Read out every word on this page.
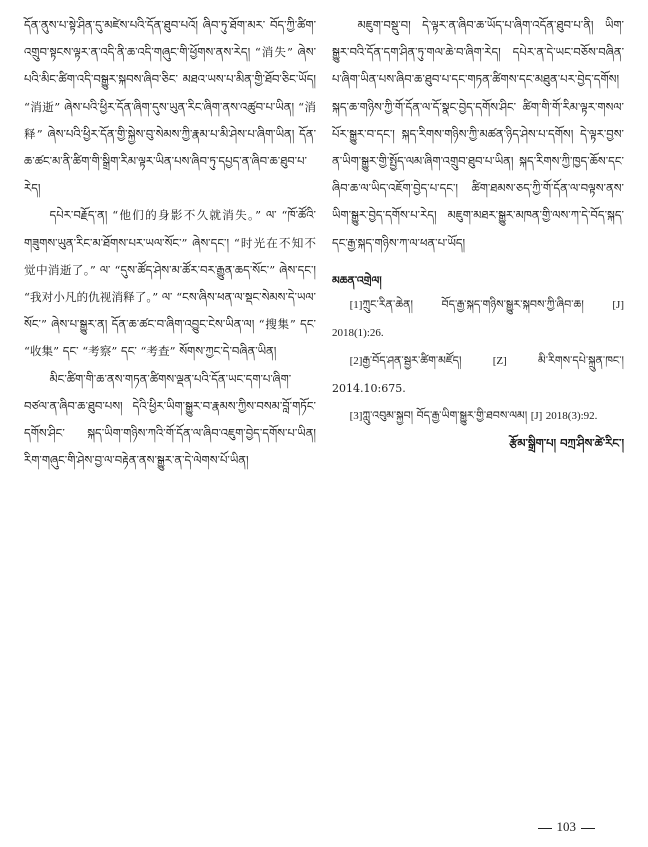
དོན་ནུས་པ་སྟེ་ཤིན་དུ་མཛེས་པའི་དོན་ཐུབ་པའོ། ཞིབ་ཏུ་ཐོག་མར་ བོད་ཀྱི་ཚིག་འགྲུབ་སྟངས་ལྟར་ན་འདི་ནི་ཆ་འདི་གཞུང་གི་ཕྱོགས་ནས་རེད། “消失” ཞེས་པའི་མིང་ཚིག་འདི་བསྒྱུར་སྐབས་ཞིབ་ཅིང་ མཐའ་ཡས་པ་མིན་གྱི་ཐོབ་ཅིང་ཡོད། “消逝” ཞེས་པའི་ཕྱིར་དོན་ཞིག་དུས་ཡུན་རིང་ཞིག་ནས་འཚུབ་པ་ཡིན། “消释” ཞེས་པའི་ཕྱིར་དོན་གྱི་སྐྱེས་བུ་སེམས་ཀྱི་རྣམ་པ་མི་ཤེས་པ་ཞིག་ཡིན། དོན་ཆ་ཚང་མ་ནི་ཚིག་གི་སྒྲིག་རིམ་ལྟར་ཡིན་པས་ཞིབ་ཏུ་དཔྱད་ན་ཞིབ་ཆ་ཐུབ་པ་རེད།

དཔེར་བརྗོད་ན། “他们的身影不久就消失。” ལ་ “ཁོ་ཚོའི་གཟུགས་ཡུན་རིང་མ་ཐོགས་པར་ཡལ་སོང་” ཞེས་དང་། “时光在不知不觉中消逝了。” ལ་ “དུས་ཚོད་ཤེས་མ་ཚོར་བར་རྒྱུན་ཆད་སོང་” ཞེས་དང་། “我对小凡的仇视消释了。” ལ་ “ངས་ཞིས་ཕན་ལ་སྡང་སེམས་དེ་ཡལ་སོང་” ཞེས་པ་སྒྱུར་ན། དོན་ཆ་ཚང་བ་ཞིག་འབྱུང་ངེས་ཡིན་ལ། “搜集” དང་ “收集” དང་ “考察” དང་ “考查” སོགས་ཀྱང་དེ་བཞིན་ཡིན།

མིང་ཚིག་གི་ཆ་ནས་གཏན་ཚིགས་ལྡན་པའི་དོན་ཡང་དག་པ་ཞིག་བཙལ་ན་ཞིབ་ཆ་ཐུབ་པས། དེའི་ཕྱིར་ཡིག་སྒྱུར་བ་རྣམས་ཀྱིས་བསམ་བློ་གཏོང་དགོས་ཤིང་ སྐད་ཡིག་གཉིས་ཀའི་གོ་དོན་ལ་ཞིབ་འཇུག་བྱེད་དགོས་པ་ཡིན། རིག་གཞུང་གི་ཤེས་བྱ་ལ་བརྟེན་ནས་སྒྱུར་ན་དེ་ལེགས་པོ་ཡིན།

མཇུག་བསྡུ་བ། དེ་ལྟར་ན་ཞིབ་ཆ་ཡོད་པ་ཞིག་འདོན་ཐུབ་པ་ནི། ཡིག་སྒྱུར་བའི་དོན་དག་ཤིན་ཏུ་གལ་ཆེ་བ་ཞིག་རེད། དཔེར་ན་དེ་ཡང་བཅོས་བཞིན་པ་ཞིག་ཡིན་པས་ཞིབ་ཆ་ཐུབ་པ་དང་གཏན་ཚིགས་དང་མཐུན་པར་བྱེད་དགོས། སྐད་ཆ་གཉིས་ཀྱི་གོ་དོན་ལ་དོ་སྣང་བྱེད་དགོས་ཤིང་ ཚིག་གི་གོ་རིམ་ལྟར་གསལ་པོར་སྒྱུར་བ་དང་། སྐད་རིགས་གཉིས་ཀྱི་མཚན་ཉིད་ཤེས་པ་དགོས། དེ་ལྟར་བྱས་ན་ཡིག་སྒྱུར་གྱི་སྤྱོད་ལམ་ཞིག་འགྲུབ་ཐུབ་པ་ཡིན། སྐད་རིགས་ཀྱི་ཁྱད་ཆོས་དང་ཞིབ་ཆ་ལ་ཡིད་འཇོག་བྱེད་པ་དང་། ཚིག་ཐམས་ཅད་ཀྱི་གོ་དོན་ལ་བལྟས་ནས་ཡིག་སྒྱུར་བྱེད་དགོས་པ་རེད། མཇུག་མཐར་སྒྱུར་མཁན་གྱི་ལས་ཀ་དེ་བོད་སྐད་དང་རྒྱ་སྐད་གཉིས་ཀ་ལ་ཕན་པ་ཡོད།

མཆན་འགྲེལ།

[1]ཀྲུང་རིན་ཆེན། བོད་རྒྱ་སྐད་གཉིས་སྒྱུར་སྐབས་ཀྱི་ཞིབ་ཆ། [J] 2018(1):26.

[2]རྒྱ་བོད་ཤན་སྦྱར་ཚིག་མཛོད། [Z]	མི་རིགས་དཔེ་སྐྲུན་ཁང་། 2014.10:675.

[3]ཀླུ་འབུམ་སྐྱབ། བོད་རྒྱ་ཡིག་སྒྱུར་གྱི་ཐབས་ལམ། [J] 2018(3):92.

རྩོམ་སྒྲིག་པ། བཀྲ་ཤིས་ཚེ་རིང་།
103
